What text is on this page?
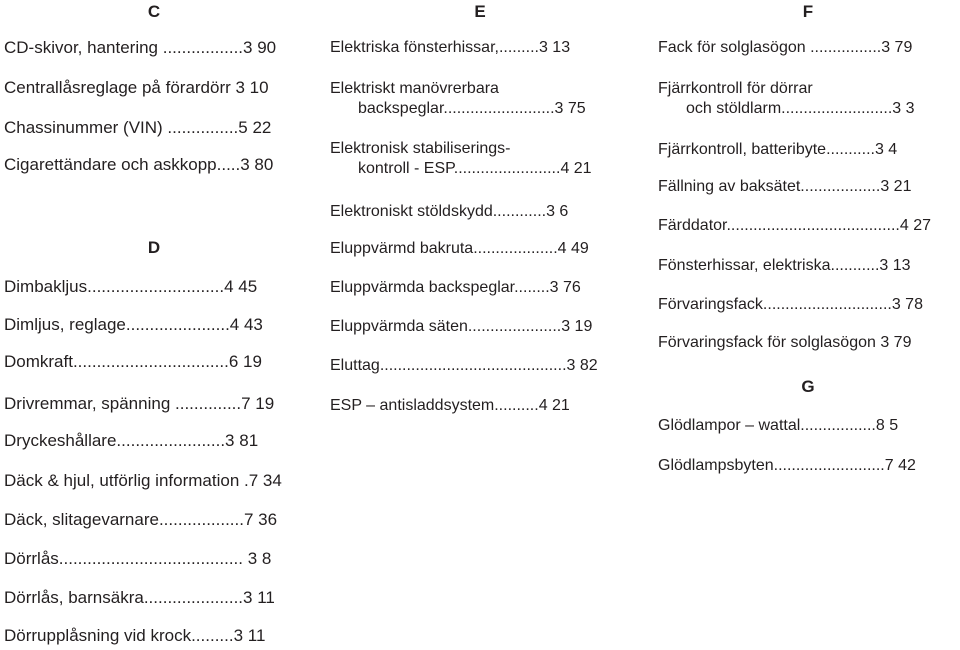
C
CD-skivor, hantering .................3 90
Centrallåsreglage på förardörr 3 10
Chassinummer (VIN) ...............5 22
Cigarettändare och askkopp.....3 80
D
Dimbakljus.............................4 45
Dimljus, reglage......................4 43
Domkraft.................................6 19
Drivremmar, spänning ..............7 19
Dryckeshållare.......................3 81
Däck & hjul, utförlig information .7 34
Däck, slitagevarnare..................7 36
Dörrlås....................................... 3 8
Dörrlås, barnsäkra.....................3 11
Dörrupplåsning vid krock.........3 11
E
Elektriska fönsterhissar,.........3 13
Elektriskt manövrerbara
backspeglar.........................3 75
Elektronisk stabiliserings-
kontroll - ESP........................4 21
Elektroniskt stöldskydd............3 6
Eluppvärmd bakruta...................4 49
Eluppvärmda backspeglar........3 76
Eluppvärmda säten.....................3 19
Eluttag..........................................3 82
ESP – antisladdsystem..........4 21
F
Fack för solglasögon ................3 79
Fjärrkontroll för dörrar
och stöldlarm.........................3 3
Fjärrkontroll, batteribyte...........3 4
Fällning av baksätet..................3 21
Färddator.......................................4 27
Fönsterhissar, elektriska...........3 13
Förvaringsfack.............................3 78
Förvaringsfack för solglasögon 3 79
G
Glödlampor – wattal.................8 5
Glödlampsbyten.........................7 42
